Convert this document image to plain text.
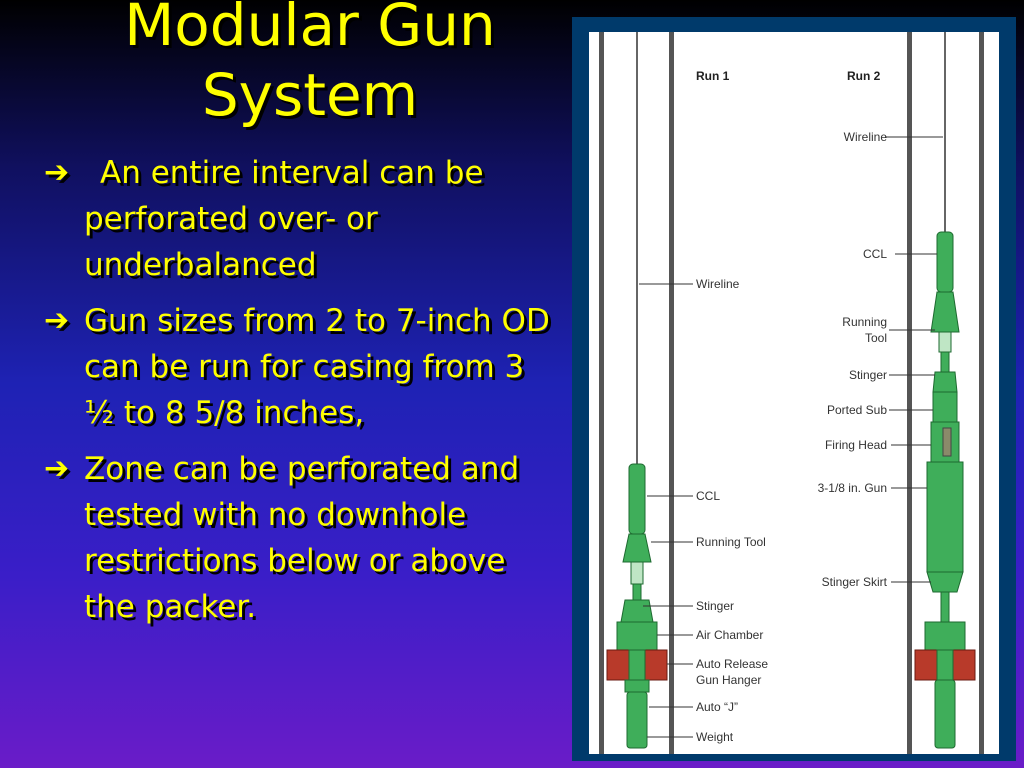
Modular Gun System
➔ An entire interval can be perforated over- or underbalanced
➔ Gun sizes from 2 to 7-inch OD can be run for casing from 3 ½ to 8 5/8 inches,
➔ Zone can be perforated and tested with no downhole restrictions below or above the packer.
Run 1	Run 2
Wireline
CCL
Running Tool
Stinger
Air Chamber
Auto Release
Gun Hanger
Auto “J”
Weight
Wireline
CCL
Running
Tool
Stinger
Ported Sub
Firing Head
3-1/8 in. Gun
Stinger Skirt
